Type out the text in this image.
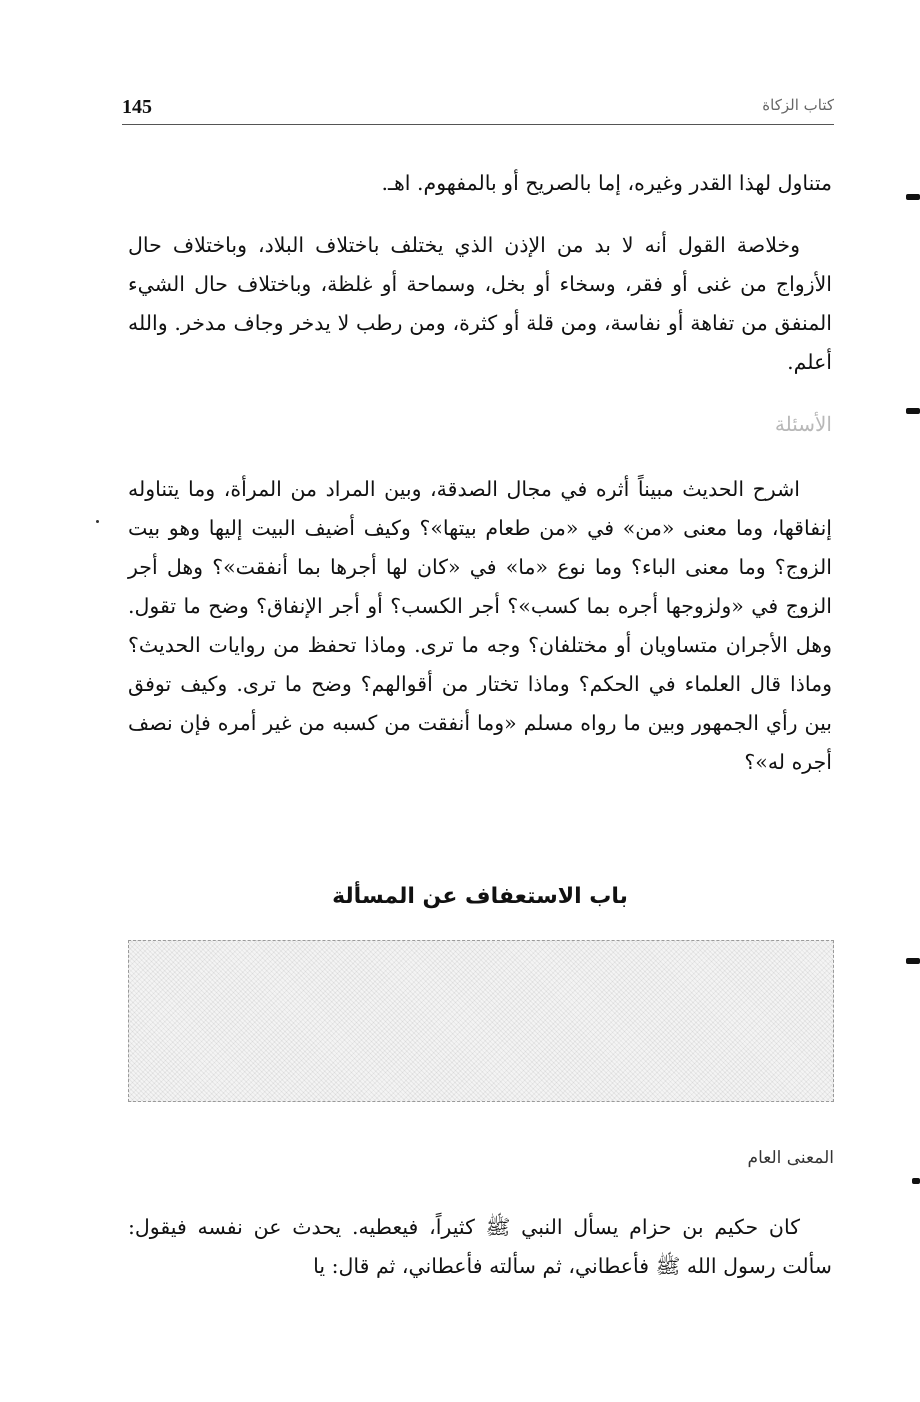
145	كتاب الزكاة

متناول لهذا القدر وغيره، إما بالصريح أو بالمفهوم. اهـ.

وخلاصة القول أنه لا بد من الإذن الذي يختلف باختلاف البلاد، وباختلاف حال الأزواج من غنى أو فقر، وسخاء أو بخل، وسماحة أو غلظة، وباختلاف حال الشيء المنفق من تفاهة أو نفاسة، ومن قلة أو كثرة، ومن رطب لا يدخر وجاف مدخر. والله أعلم.

الأسئلة

اشرح الحديث مبيناً أثره في مجال الصدقة، وبين المراد من المرأة، وما يتناوله إنفاقها، وما معنى «من» في «من طعام بيتها»؟ وكيف أضيف البيت إليها وهو بيت الزوج؟ وما معنى الباء؟ وما نوع «ما» في «كان لها أجرها بما أنفقت»؟ وهل أجر الزوج في «ولزوجها أجره بما كسب»؟ أجر الكسب؟ أو أجر الإنفاق؟ وضح ما تقول. وهل الأجران متساويان أو مختلفان؟ وجه ما ترى. وماذا تحفظ من روايات الحديث؟ وماذا قال العلماء في الحكم؟ وماذا تختار من أقوالهم؟ وضح ما ترى. وكيف توفق بين رأي الجمهور وبين ما رواه مسلم «وما أنفقت من كسبه من غير أمره فإن نصف أجره له»؟

باب الاستعفاف عن المسألة
المعنى العام

كان حكيم بن حزام يسأل النبي ﷺ كثيراً، فيعطيه. يحدث عن نفسه فيقول: سألت رسول الله ﷺ فأعطاني، ثم سألته فأعطاني، ثم قال: يا
